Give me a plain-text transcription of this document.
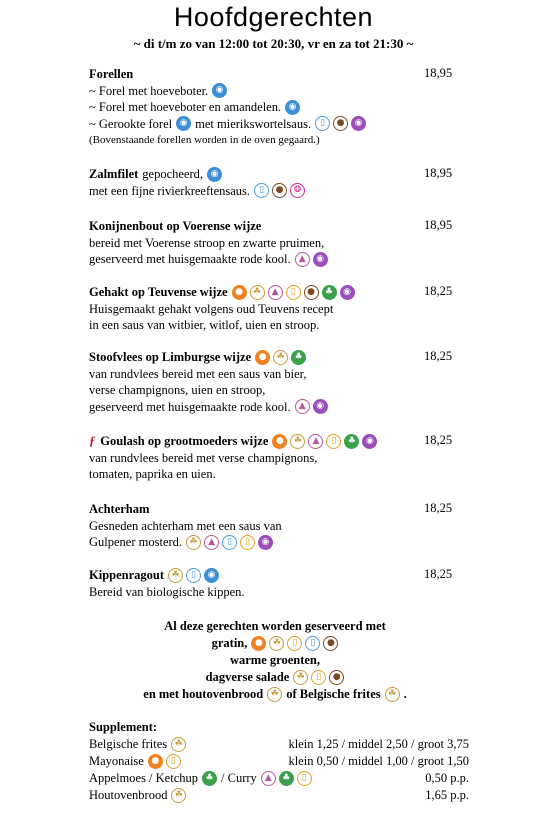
Hoofdgerechten
~ di t/m zo van 12:00 tot 20:30, vr en za tot 21:30 ~
Forellen
~ Forel met hoeveboter. ◉
~ Forel met hoeveboter en amandelen. ◉
~ Gerookte forel ◉ met mierikswortelsaus.	▯	●	◉
(Bovenstaande forellen worden in de oven gegaard.)
18,95
Zalmfilet gepocheerd, ◉
met een fijne rivierkreeftensaus.	▯	●	❂
18,95
Konijnenbout op Voerense wijze
bereid met Voerense stroop en zwarte pruimen,
geserveerd met huisgemaakte rode kool. ▲	◉
18,95
Gehakt op Teuvense wijze ●	☘	▲	▯	●	♣	◉
Huisgemaakt gehakt volgens oud Teuvens recept
in een saus van witbier, witlof, uien en stroop.
18,25
Stoofvlees op Limburgse wijze ●	☘	♣
van rundvlees bereid met een saus van bier,
verse champignons, uien en stroop,
geserveerd met huisgemaakte rode kool. ▲	◉
18,25
ƒ Goulash op grootmoeders wijze ●	☘	▲	▯	♣	◉
van rundvlees bereid met verse champignons,
tomaten, paprika en uien.
18,25
Achterham
Gesneden achterham met een saus van
Gulpener mosterd. ☘	▲	▯	▯	◉
18,25
Kippenragout ☘	▯	◉
Bereid van biologische kippen.
18,25
Al deze gerechten worden geserveerd met
gratin, ●	☘	▯	▯	●
warme groenten,
dagverse salade ☘	▯	●
en met houtovenbrood ☘ of Belgische frites ☘ .
Supplement:
Belgische frites ☘	klein 1,25 / middel 2,50 / groot 3,75
Mayonaise ●	▯	klein 0,50 / middel 1,00 / groot 1,50
Appelmoes / Ketchup ♣ / Curry ▲	♣	▯	0,50 p.p.
Houtovenbrood ☘	1,65 p.p.
